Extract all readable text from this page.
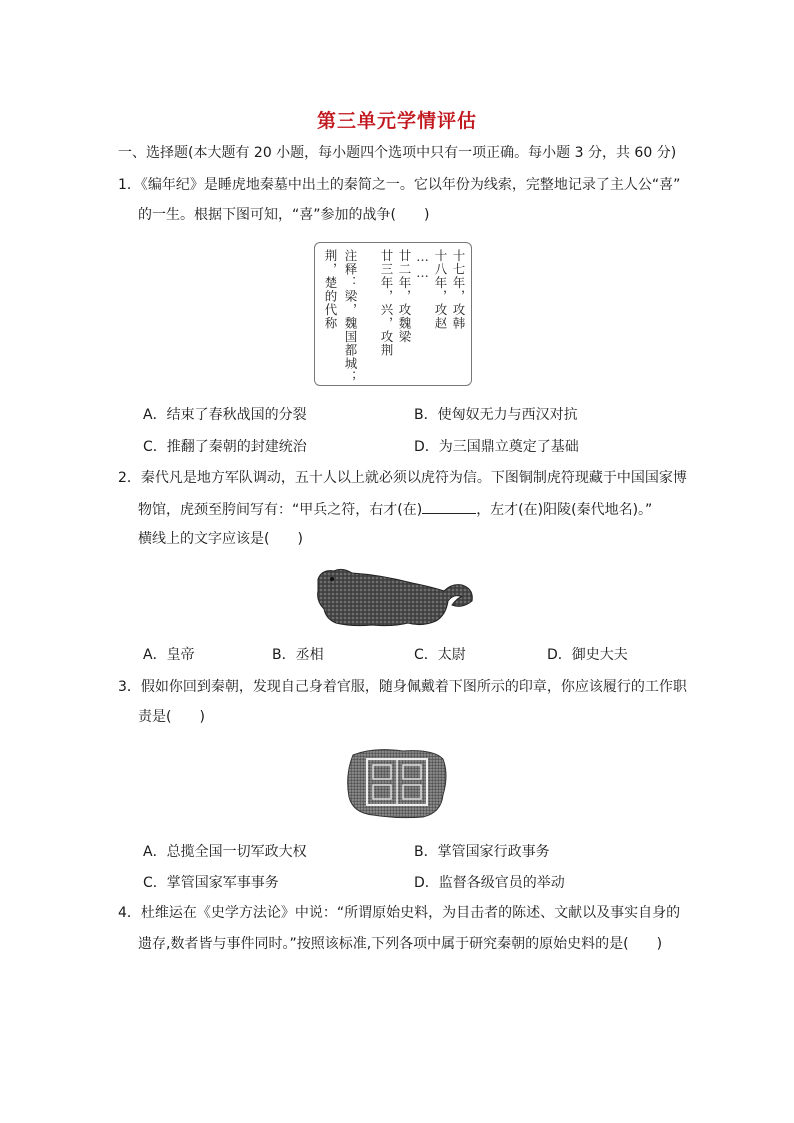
第三单元学情评估
一、选择题(本大题有 20 小题，每小题四个选项中只有一项正确。每小题 3 分，共 60 分)
1．《编年纪》是睡虎地秦墓中出土的秦简之一。它以年份为线索，完整地记录了主人公“喜”
的一生。根据下图可知，“喜”参加的战争(　　)
十七年，攻韩
十八年，攻赵
……
廿二年，攻魏梁
廿三年，兴，攻荆
注释：梁，魏国都城；
荆，楚的代称
A．结束了春秋战国的分裂	B．使匈奴无力与西汉对抗
C．推翻了秦朝的封建统治	D．为三国鼎立奠定了基础
2．秦代凡是地方军队调动，五十人以上就必须以虎符为信。下图铜制虎符现藏于中国国家博
物馆，虎颈至胯间写有：“甲兵之符，右才(在)	，左才(在)阳陵(秦代地名)。”
横线上的文字应该是(　　)
A．皇帝	B．丞相	C．太尉	D．御史大夫
3．假如你回到秦朝，发现自己身着官服，随身佩戴着下图所示的印章，你应该履行的工作职
责是(　　)
A．总揽全国一切军政大权	B．掌管国家行政事务
C．掌管国家军事事务	D．监督各级官员的举动
4．杜维运在《史学方法论》中说：“所谓原始史料，为目击者的陈述、文献以及事实自身的
遗存,数者皆与事件同时。”按照该标准,下列各项中属于研究秦朝的原始史料的是(　　)
